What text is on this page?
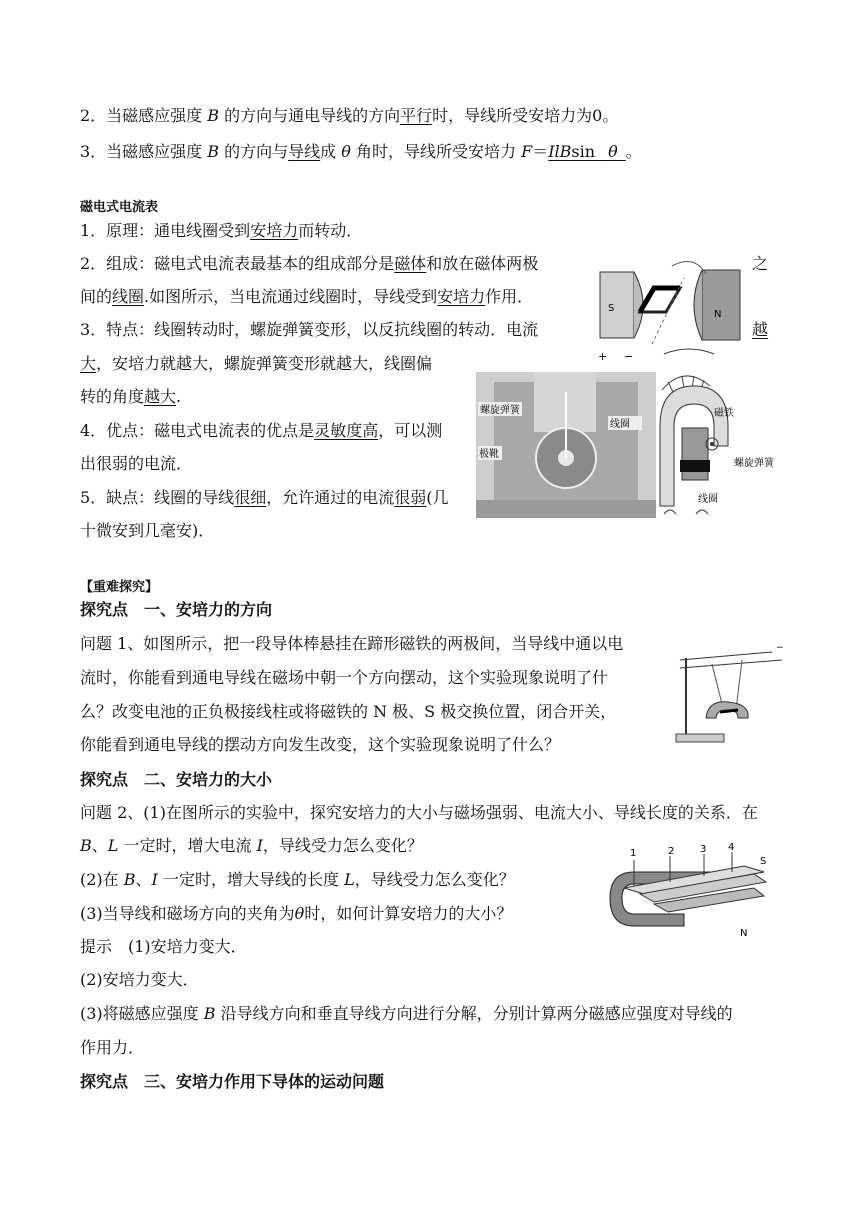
2．当磁感应强度 B 的方向与通电导线的方向平行时，导线所受安培力为0。
3．当磁感应强度 B 的方向与导线成 θ 角时，导线所受安培力 F＝IlBsin _θ_。
磁电式电流表
1．原理：通电线圈受到安培力而转动．
2．组成：磁电式电流表最基本的组成部分是磁体和放在磁体两极	之
间的线圈.如图所示，当电流通过线圈时，导线受到安培力作用．
3．特点：线圈转动时，螺旋弹簧变形，以反抗线圈的转动．电流	越
大，安培力就越大，螺旋弹簧变形就越大，线圈偏
转的角度越大.
4．优点：磁电式电流表的优点是灵敏度高，可以测
出很弱的电流．
5．缺点：线圈的导线很细，允许通过的电流很弱(几
十微安到几毫安)．
S
N
+ −
螺旋弹簧
线圈
极靴
磁铁
螺旋弹簧
线圈
【重难探究】
探究点　一、安培力的方向
问题 1、如图所示，把一段导体棒悬挂在蹄形磁铁的两极间，当导线中通以电
流时，你能看到通电导线在磁场中朝一个方向摆动，这个实验现象说明了什
么？改变电池的正负极接线柱或将磁铁的 N 极、S 极交换位置，闭合开关，
你能看到通电导线的摆动方向发生改变，这个实验现象说明了什么？
−
探究点　二、安培力的大小
问题 2、(1)在图所示的实验中，探究安培力的大小与磁场强弱、电流大小、导线长度的关系．在
B、L 一定时，增大电流 I，导线受力怎么变化？
(2)在 B、I 一定时，增大导线的长度 L，导线受力怎么变化？
(3)当导线和磁场方向的夹角为θ时，如何计算安培力的大小？
提示　(1)安培力变大．
(2)安培力变大．
(3)将磁感应强度 B 沿导线方向和垂直导线方向进行分解，分别计算两分磁感应强度对导线的
作用力．
探究点　三、安培力作用下导体的运动问题
1	2	3 4
S
N
